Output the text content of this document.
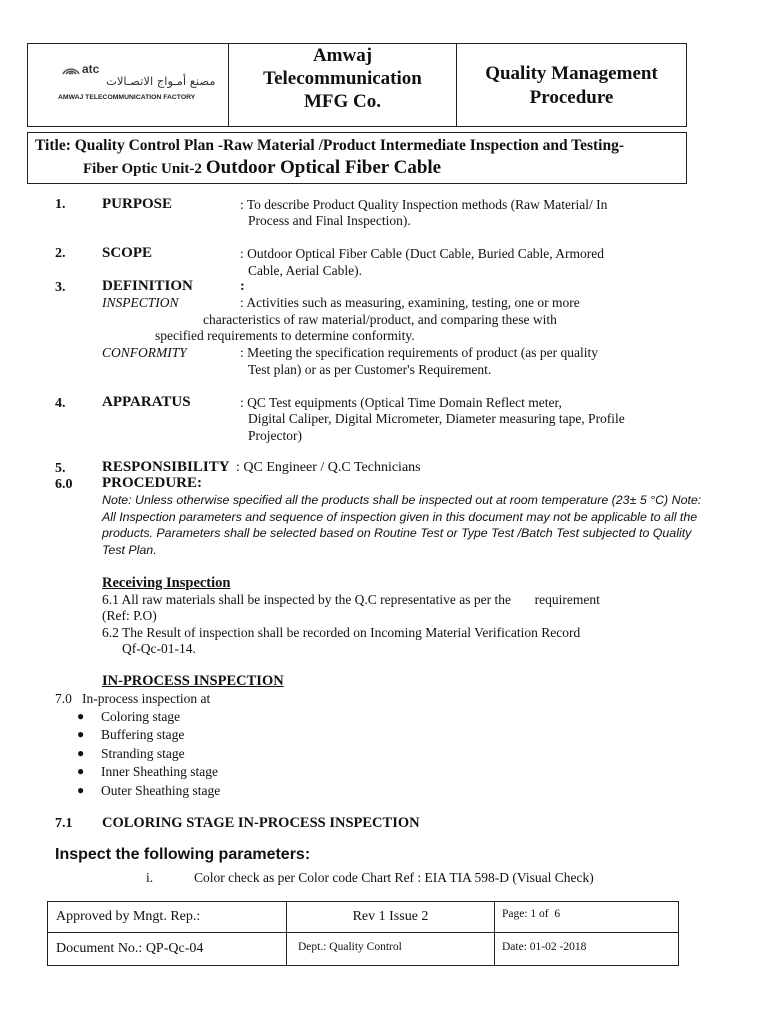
atc
مصنع أمـواج الاتصـالات
AMWAJ TELECOMMUNICATION FACTORY
Amwaj
Telecommunication
MFG Co.
Quality Management
Procedure
Title: Quality Control Plan -Raw Material /Product Intermediate Inspection and Testing-
Fiber Optic Unit-2 Outdoor Optical Fiber Cable
1. PURPOSE	: To describe Product Quality Inspection methods (Raw Material/ In
Process and Final Inspection).
2. SCOPE	: Outdoor Optical Fiber Cable (Duct Cable, Buried Cable, Armored
Cable, Aerial Cable).
3. DEFINITION	:
INSPECTION	: Activities such as measuring, examining, testing, one or more
characteristics of raw material/product, and comparing these with
specified requirements to determine conformity.
CONFORMITY	: Meeting the specification requirements of product (as per quality
Test plan) or as per Customer's Requirement.
4. APPARATUS	: QC Test equipments (Optical Time Domain Reflect meter,
Digital Caliper, Digital Micrometer, Diameter measuring tape, Profile
Projector)
5. RESPONSIBILITY : QC Engineer / Q.C Technicians
6.0 PROCEDURE:
Note: Unless otherwise specified all the products shall be inspected out at room temperature (23± 5 °C) Note:
All Inspection parameters and sequence of inspection given in this document may not be applicable to all the
products. Parameters shall be selected based on Routine Test or Type Test /Batch Test subjected to Quality
Test Plan.
Receiving Inspection
6.1 All raw materials shall be inspected by the Q.C representative as per the       requirement
(Ref: P.O)
6.2 The Result of inspection shall be recorded on Incoming Material Verification Record
Qf-Qc-01-14.
IN-PROCESS INSPECTION
7.0   In-process inspection at
● Coloring stage
● Buffering stage
● Stranding stage
● Inner Sheathing stage
● Outer Sheathing stage
7.1 COLORING STAGE IN-PROCESS INSPECTION
Inspect the following parameters:
i.	Color check as per Color code Chart Ref : EIA TIA 598-D (Visual Check)
Approved by Mngt. Rep.:	Rev 1 Issue 2	Page: 1 of  6
Document No.: QP-Qc-04	Dept.: Quality Control	Date: 01-02 -2018
